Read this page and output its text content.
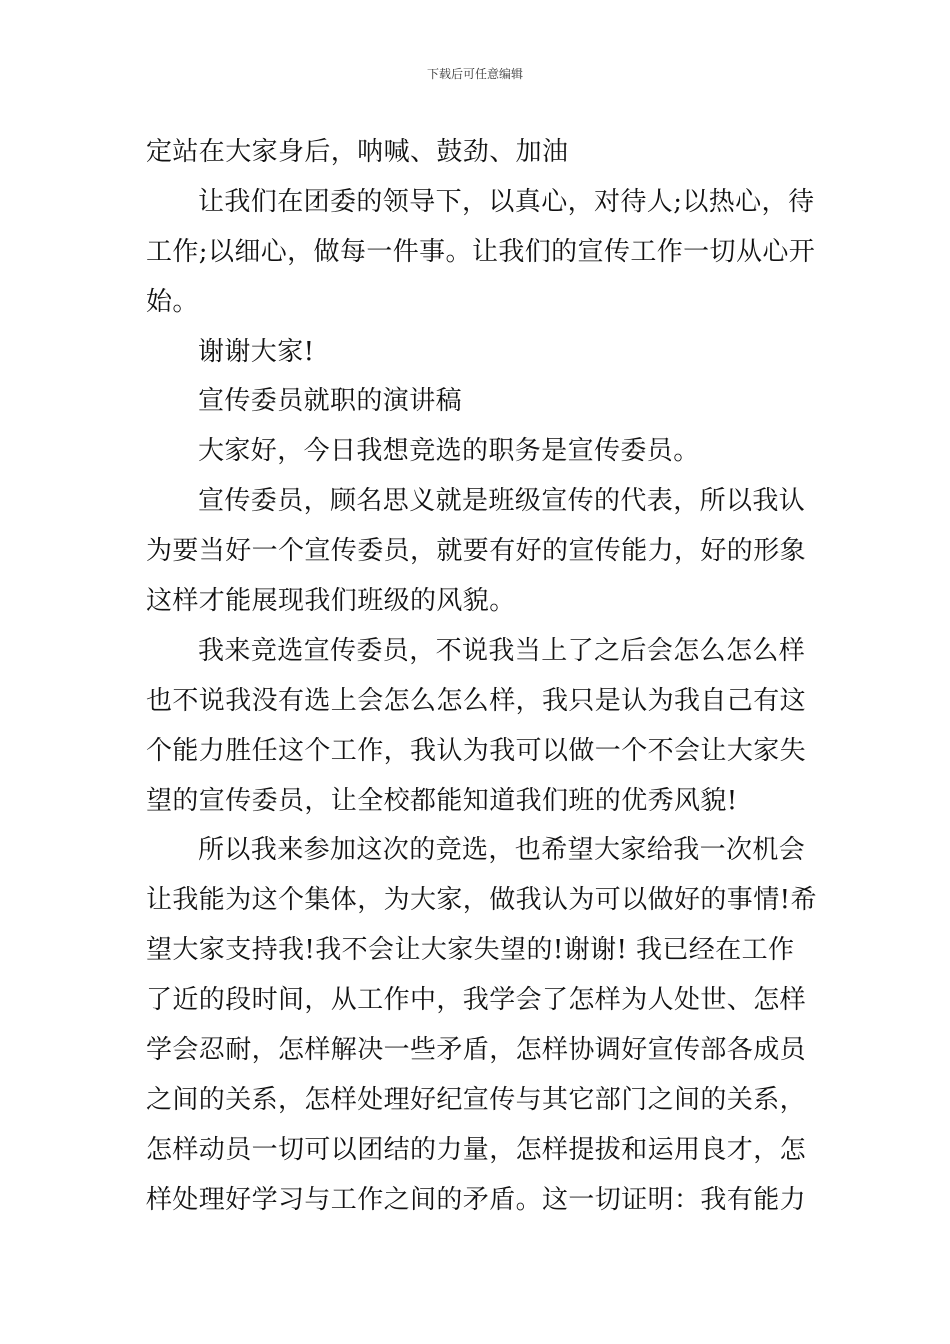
下载后可任意编辑
定站在大家身后，呐喊、鼓劲、加油
让我们在团委的领导下，以真心，对待人;以热心，待
工作;以细心，做每一件事。让我们的宣传工作一切从心开
始。
谢谢大家!
宣传委员就职的演讲稿
大家好，今日我想竞选的职务是宣传委员。
宣传委员，顾名思义就是班级宣传的代表，所以我认
为要当好一个宣传委员，就要有好的宣传能力，好的形象
这样才能展现我们班级的风貌。
我来竞选宣传委员，不说我当上了之后会怎么怎么样
也不说我没有选上会怎么怎么样，我只是认为我自己有这
个能力胜任这个工作，我认为我可以做一个不会让大家失
望的宣传委员，让全校都能知道我们班的优秀风貌!
所以我来参加这次的竞选，也希望大家给我一次机会
让我能为这个集体，为大家，做我认为可以做好的事情!希
望大家支持我!我不会让大家失望的!谢谢! 我已经在工作
了近的段时间，从工作中，我学会了怎样为人处世、怎样
学会忍耐，怎样解决一些矛盾，怎样协调好宣传部各成员
之间的关系，怎样处理好纪宣传与其它部门之间的关系，
怎样动员一切可以团结的力量，怎样提拔和运用良才，怎
样处理好学习与工作之间的矛盾。这一切证明：我有能力
